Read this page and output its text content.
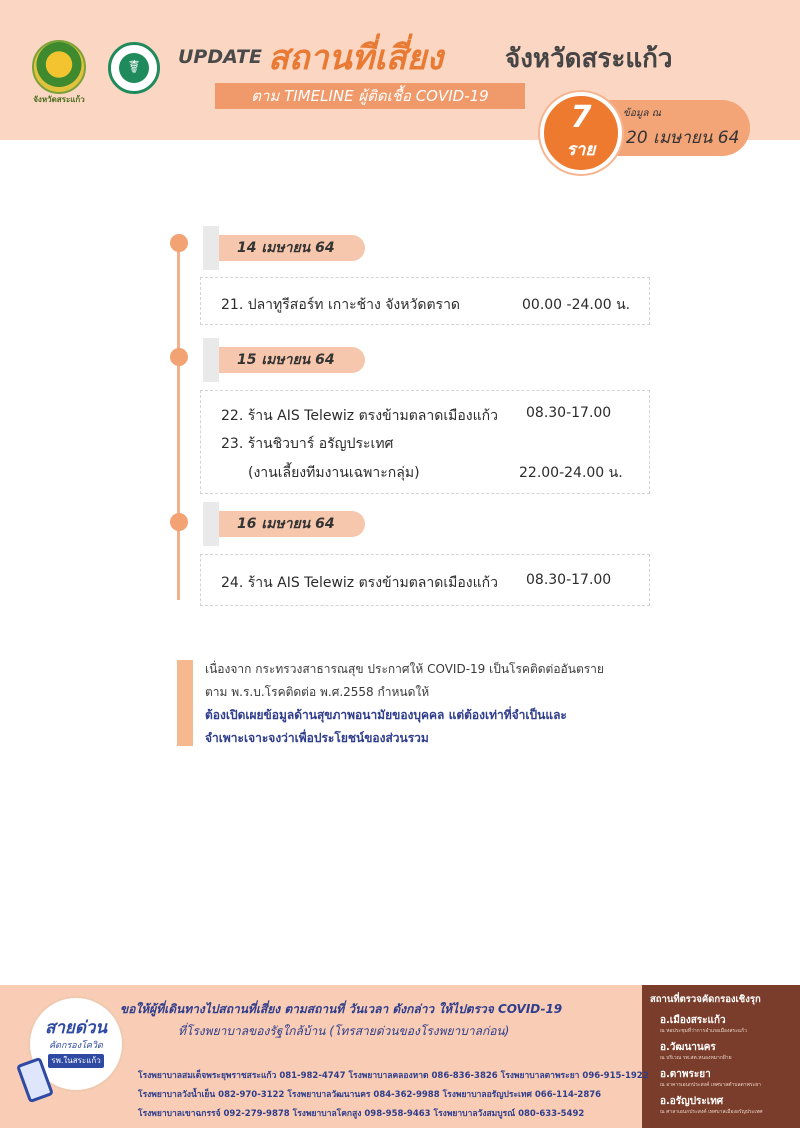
จังหวัดสระแก้ว
☤	UPDATE สถานที่เสี่ยง จังหวัดสระแก้ว
ตาม TIMELINE ผู้ติดเชื้อ COVID-19
7
ราย
ข้อมูล ณ
20 เมษายน 64
14 เมษายน 64
21. ปลาทูรีสอร์ท เกาะช้าง จังหวัดตราด	00.00 -24.00 น.
15 เมษายน 64
22. ร้าน AIS Telewiz ตรงข้ามตลาดเมืองแก้ว 08.30-17.00
23. ร้านชิวบาร์ อรัญประเทศ
(งานเลี้ยงทีมงานเฉพาะกลุ่ม)	22.00-24.00 น.
16 เมษายน 64
24. ร้าน AIS Telewiz ตรงข้ามตลาดเมืองแก้ว 08.30-17.00
เนื่องจาก กระทรวงสาธารณสุข ประกาศให้ COVID-19 เป็นโรคติดต่ออันตราย
ตาม พ.ร.บ.โรคติดต่อ พ.ศ.2558 กำหนดให้
ต้องเปิดเผยข้อมูลด้านสุขภาพอนามัยของบุคคล แต่ต้องเท่าที่จำเป็นและ
จำเพาะเจาะจงว่าเพื่อประโยชน์ของส่วนรวม
สายด่วน
คัดกรองโควิด
รพ.ในสระแก้ว
ขอให้ผู้ที่เดินทางไปสถานที่เสี่ยง ตามสถานที่ วันเวลา ดังกล่าว ให้ไปตรวจ COVID-19
ที่โรงพยาบาลของรัฐใกล้บ้าน (โทรสายด่วนของโรงพยาบาลก่อน)
โรงพยาบาลสมเด็จพระยุพราชสระแก้ว 081-982-4747 โรงพยาบาลคลองหาด 086-836-3826 โรงพยาบาลตาพระยา 096-915-1922
โรงพยาบาลวังน้ำเย็น 082-970-3122 โรงพยาบาลวัฒนานคร 084-362-9988 โรงพยาบาลอรัญประเทศ 066-114-2876
โรงพยาบาลเขาฉกรรจ์ 092-279-9878 โรงพยาบาลโคกสูง 098-958-9463 โรงพยาบาลวังสมบูรณ์ 080-633-5492
สถานที่ตรวจคัดกรองเชิงรุก
อ.เมืองสระแก้ว
ณ หอประชุมที่ว่าการอำเภอเมืองสระแก้ว
อ.วัฒนานคร
ณ บริเวณ รพ.สต.หนองหมากฝ้าย
อ.ตาพระยา
ณ อาคารเอนกประสงค์ เทศบาลตำบลตาพระยา
อ.อรัญประเทศ
ณ ศาลาเอนกประสงค์ เทศบาลเมืองอรัญประเทศ
